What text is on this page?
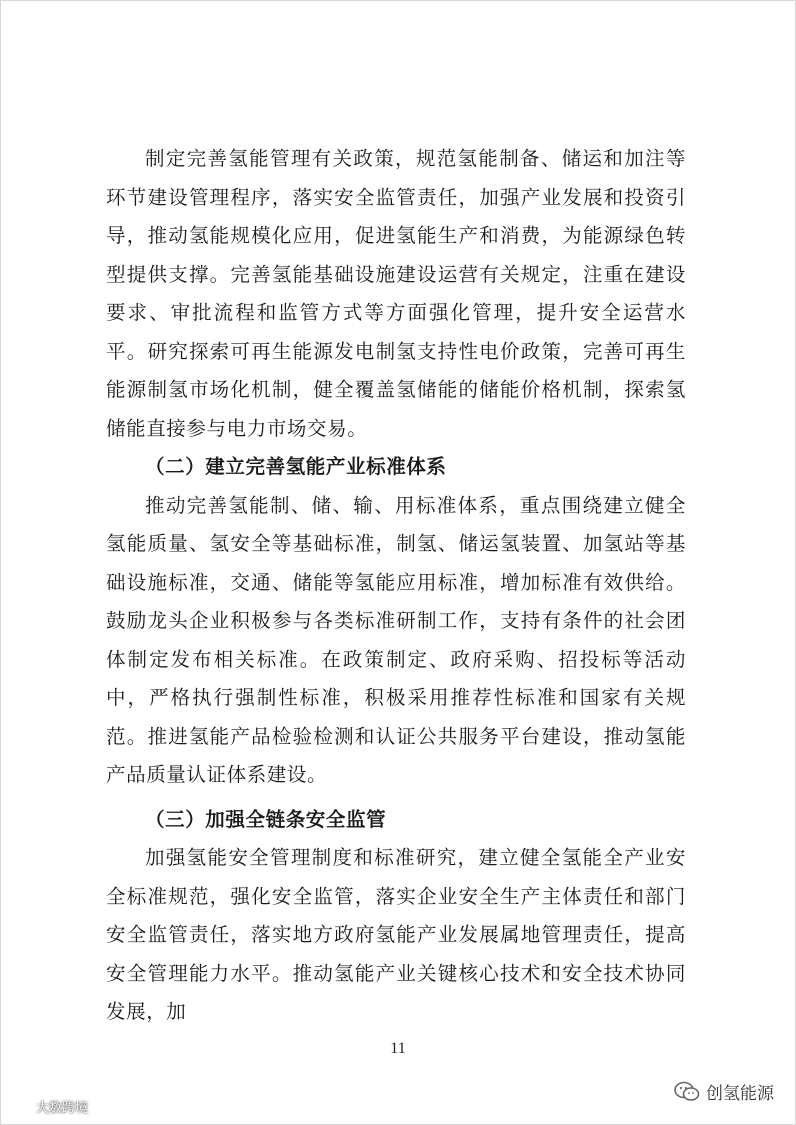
制定完善氢能管理有关政策，规范氢能制备、储运和加注等环节建设管理程序，落实安全监管责任，加强产业发展和投资引导，推动氢能规模化应用，促进氢能生产和消费，为能源绿色转型提供支撑。完善氢能基础设施建设运营有关规定，注重在建设要求、审批流程和监管方式等方面强化管理，提升安全运营水平。研究探索可再生能源发电制氢支持性电价政策，完善可再生能源制氢市场化机制，健全覆盖氢储能的储能价格机制，探索氢储能直接参与电力市场交易。

（二）建立完善氢能产业标准体系

推动完善氢能制、储、输、用标准体系，重点围绕建立健全氢能质量、氢安全等基础标准，制氢、储运氢装置、加氢站等基础设施标准，交通、储能等氢能应用标准，增加标准有效供给。鼓励龙头企业积极参与各类标准研制工作，支持有条件的社会团体制定发布相关标准。在政策制定、政府采购、招投标等活动中，严格执行强制性标准，积极采用推荐性标准和国家有关规范。推进氢能产品检验检测和认证公共服务平台建设，推动氢能产品质量认证体系建设。

（三）加强全链条安全监管

加强氢能安全管理制度和标准研究，建立健全氢能全产业安全标准规范，强化安全监管，落实企业安全生产主体责任和部门安全监管责任，落实地方政府氢能产业发展属地管理责任，提高安全管理能力水平。推动氢能产业关键核心技术和安全技术协同发展，加

11
大数跨境
创氢能源
